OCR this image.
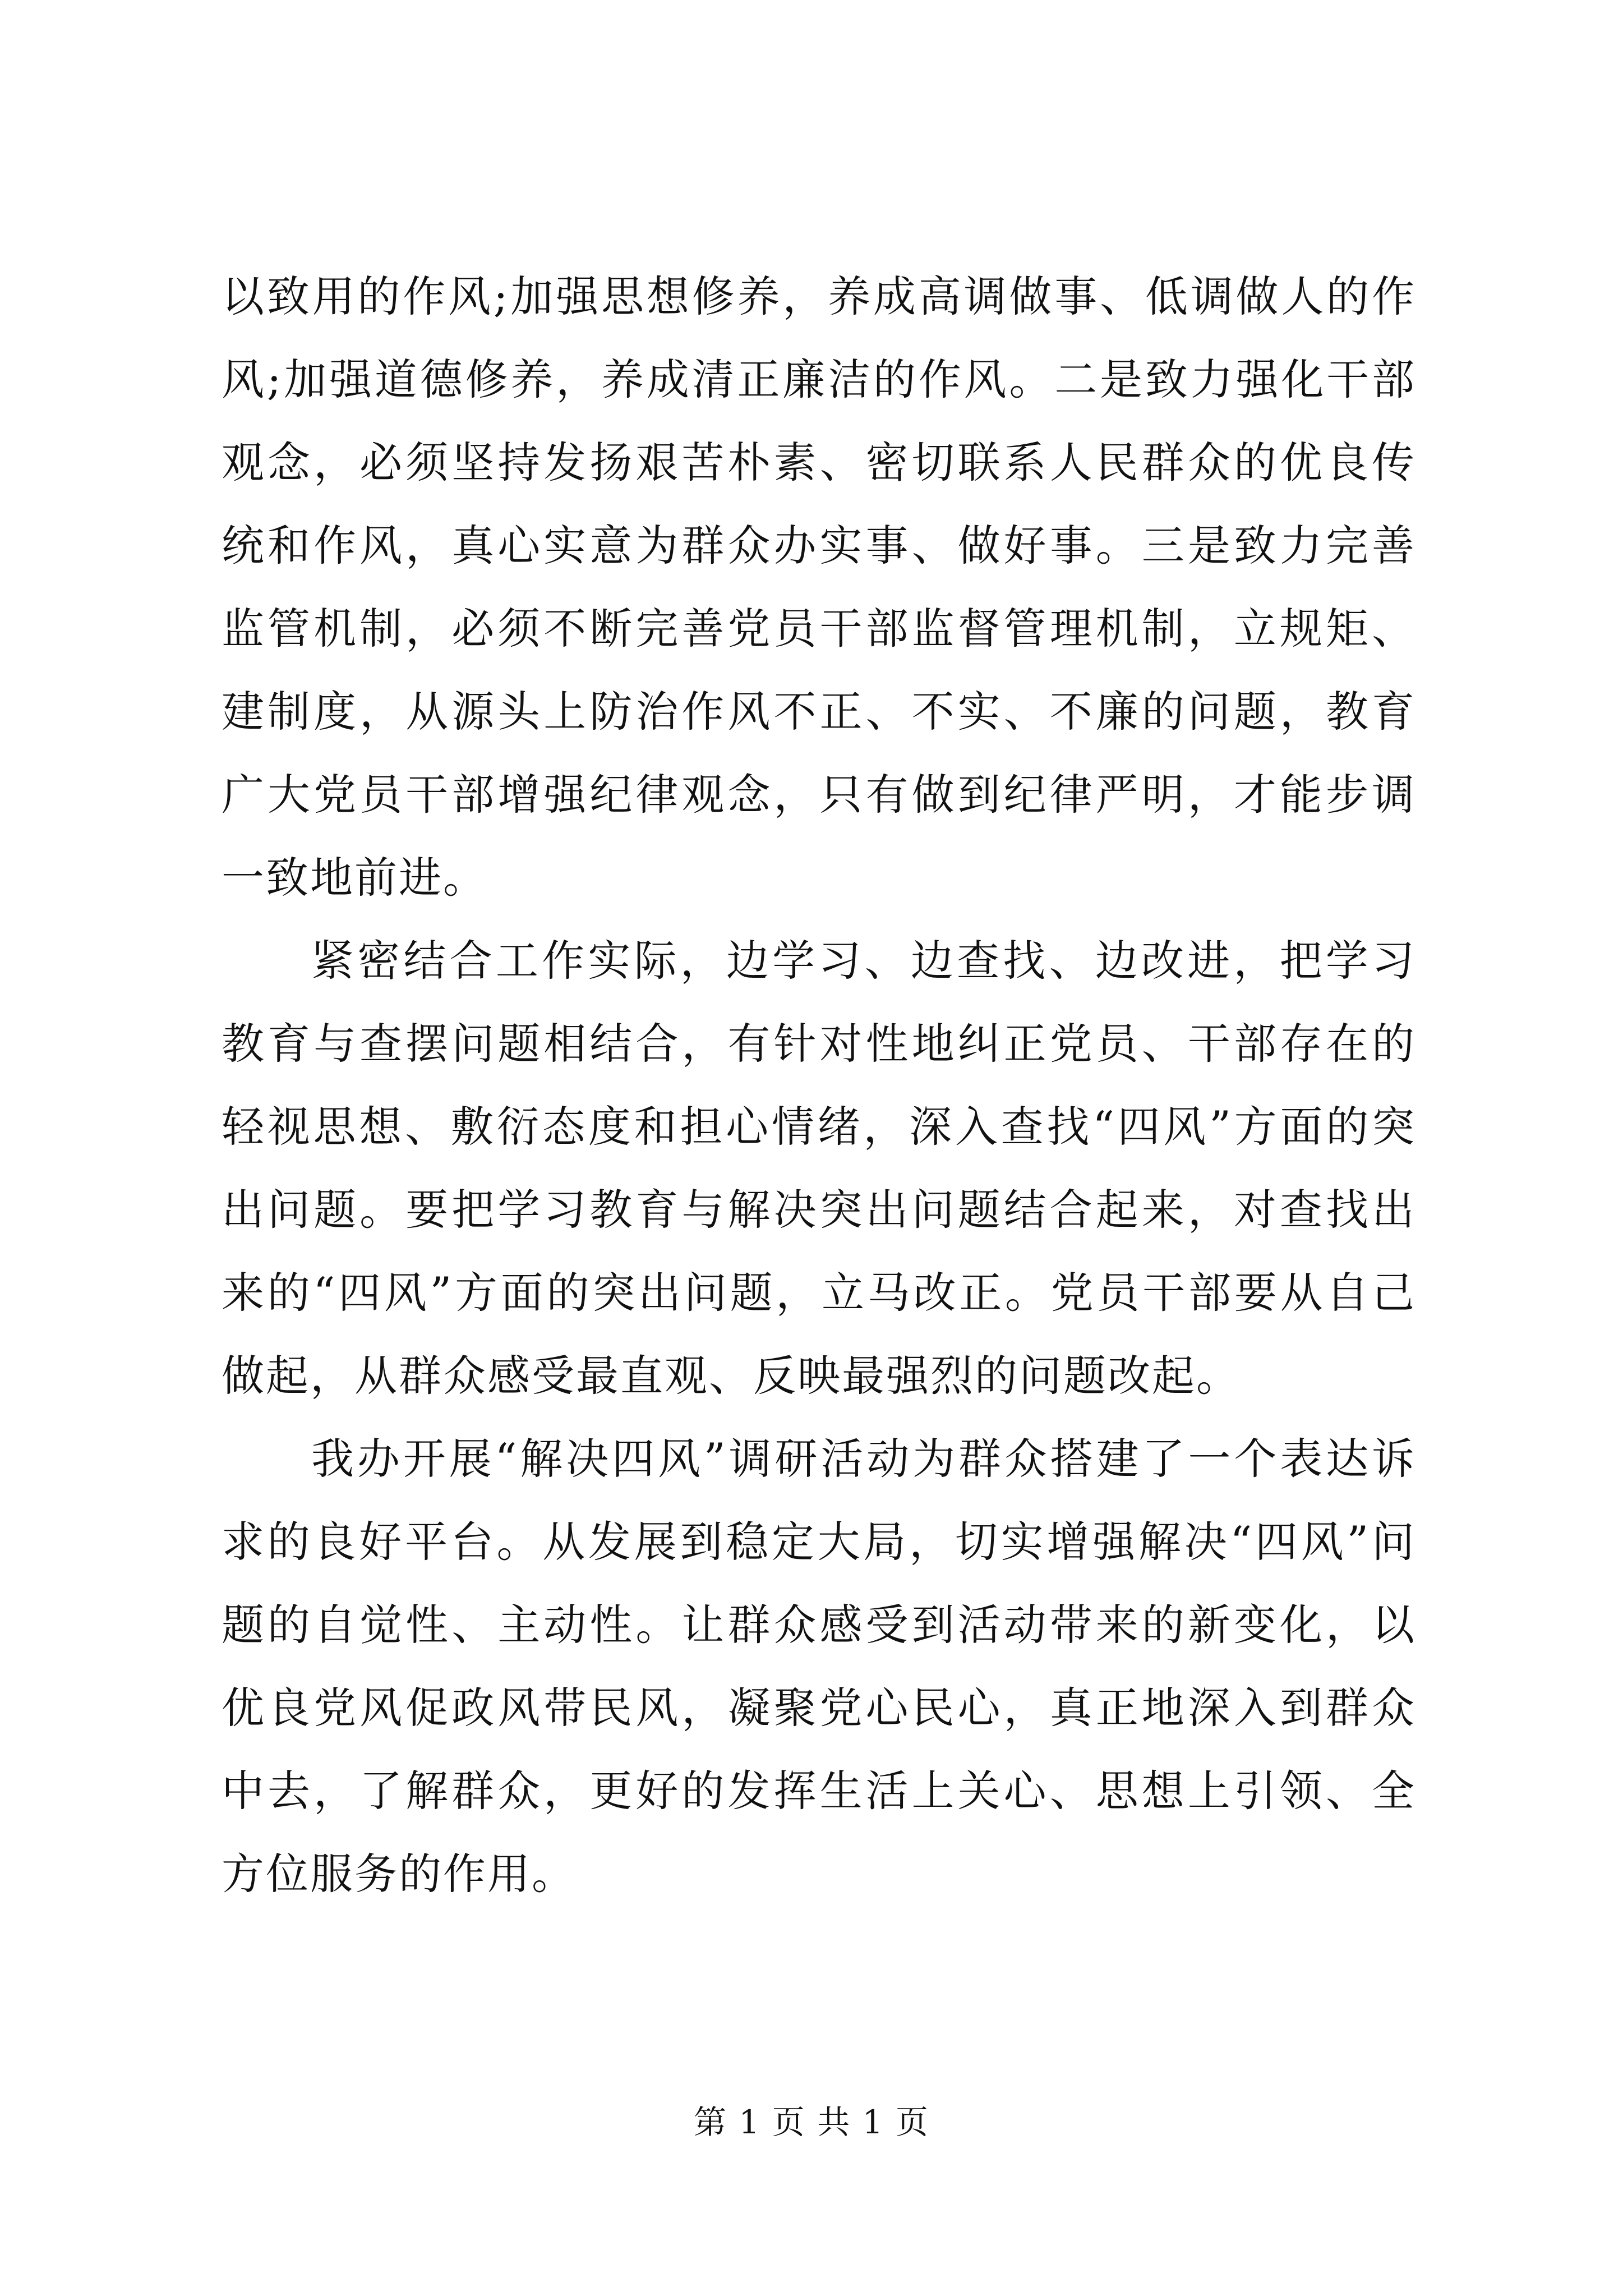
以致用的作风;加强思想修养，养成高调做事、低调做人的作风;加强道德修养，养成清正廉洁的作风。二是致力强化干部观念，必须坚持发扬艰苦朴素、密切联系人民群众的优良传统和作风，真心实意为群众办实事、做好事。三是致力完善监管机制，必须不断完善党员干部监督管理机制，立规矩、建制度，从源头上防治作风不正、不实、不廉的问题，教育广大党员干部增强纪律观念，只有做到纪律严明，才能步调一致地前进。

紧密结合工作实际，边学习、边查找、边改进，把学习教育与查摆问题相结合，有针对性地纠正党员、干部存在的轻视思想、敷衍态度和担心情绪，深入查找“四风”方面的突出问题。要把学习教育与解决突出问题结合起来，对查找出来的“四风”方面的突出问题，立马改正。党员干部要从自己做起，从群众感受最直观、反映最强烈的问题改起。

我办开展“解决四风”调研活动为群众搭建了一个表达诉求的良好平台。从发展到稳定大局，切实增强解决“四风”问题的自觉性、主动性。让群众感受到活动带来的新变化，以优良党风促政风带民风，凝聚党心民心，真正地深入到群众中去，了解群众，更好的发挥生活上关心、思想上引领、全方位服务的作用。

第 1 页 共 1 页
